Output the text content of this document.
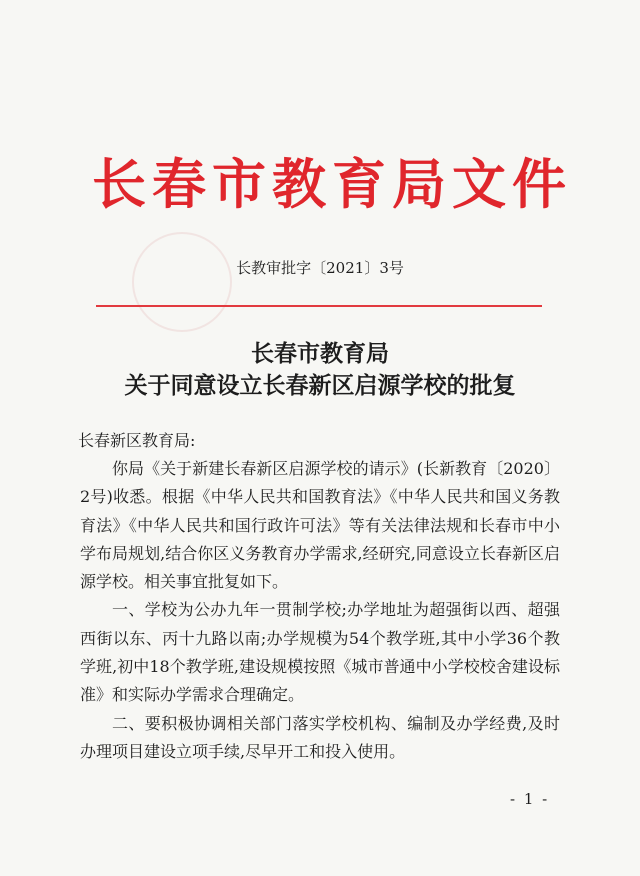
长春市教育局文件
长教审批字〔2021〕3号
长春市教育局
关于同意设立长春新区启源学校的批复
长春新区教育局:

你局《关于新建长春新区启源学校的请示》(长新教育〔2020〕2号)收悉。根据《中华人民共和国教育法》《中华人民共和国义务教育法》《中华人民共和国行政许可法》等有关法律法规和长春市中小学布局规划,结合你区义务教育办学需求,经研究,同意设立长春新区启源学校。相关事宜批复如下。

一、学校为公办九年一贯制学校;办学地址为超强街以西、超强西街以东、丙十九路以南;办学规模为54个教学班,其中小学36个教学班,初中18个教学班,建设规模按照《城市普通中小学校校舍建设标准》和实际办学需求合理确定。

二、要积极协调相关部门落实学校机构、编制及办学经费,及时办理项目建设立项手续,尽早开工和投入使用。

- 1 -
